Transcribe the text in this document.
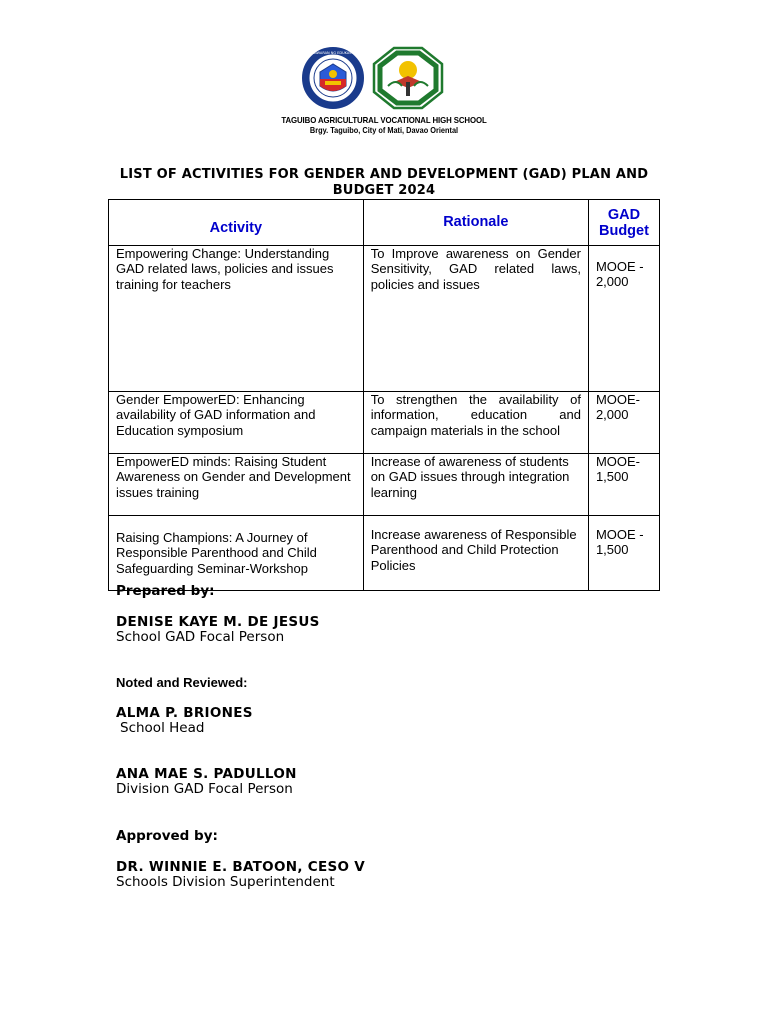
KAGAWARAN NG EDUKASYON
TAGUIBO AGRICULTURAL VOCATIONAL HIGH SCHOOL
Brgy. Taguibo, City of Mati, Davao Oriental
LIST OF ACTIVITIES FOR GENDER AND DEVELOPMENT (GAD) PLAN AND BUDGET 2024
Activity	Rationale	GAD Budget
Empowering Change: Understanding GAD related laws, policies and issues training for teachers	To Improve awareness on Gender Sensitivity, GAD related laws, policies and issues	MOOE - 2,000
Gender EmpowerED: Enhancing availability of GAD information and Education symposium	To strengthen the availability of information, education and campaign materials in the school	MOOE- 2,000
EmpowerED minds: Raising Student Awareness on Gender and Development issues training	Increase of awareness of students on GAD issues through integration learning	MOOE- 1,500
Raising Champions: A Journey of Responsible Parenthood and Child Safeguarding Seminar-Workshop	Increase awareness of Responsible Parenthood and Child Protection Policies	MOOE - 1,500
Prepared by:
DENISE KAYE M. DE JESUS
School GAD Focal Person
Noted and Reviewed:
ALMA P. BRIONES
School Head
ANA MAE S. PADULLON
Division GAD Focal Person
Approved by:
DR. WINNIE E. BATOON, CESO V
Schools Division Superintendent
